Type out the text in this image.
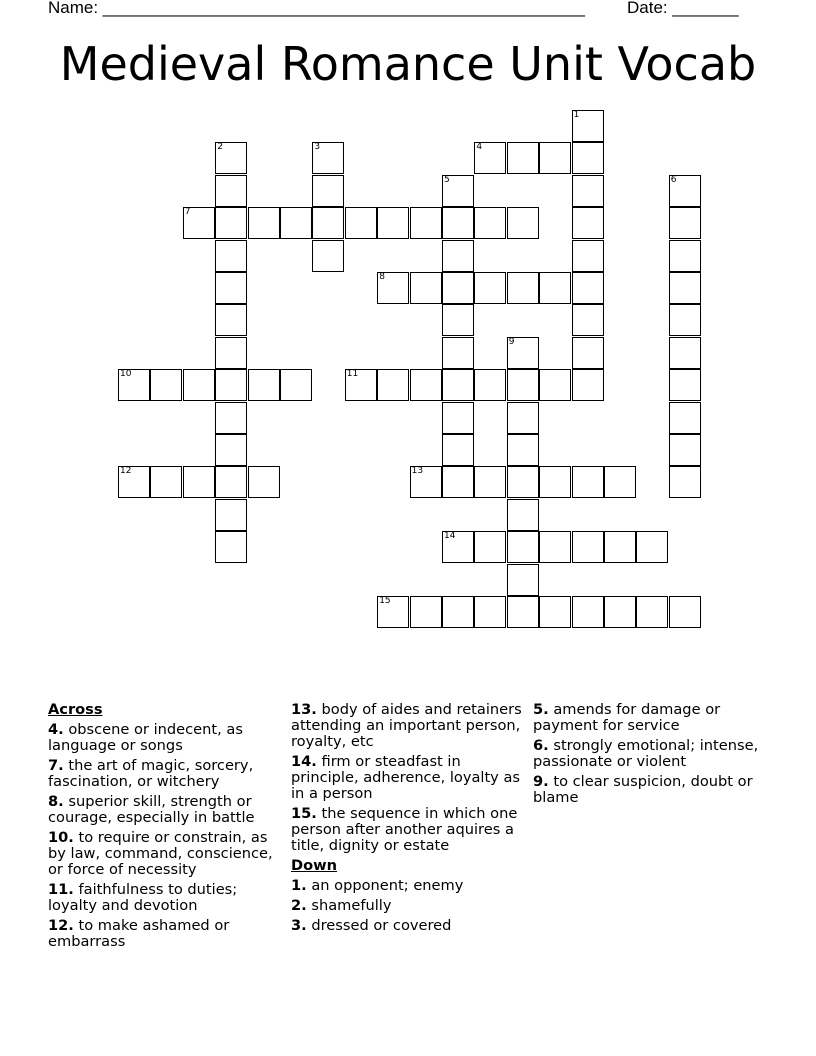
Name: ___________________________________________________ Date: _______
Medieval Romance Unit Vocab
1
2	3	4
5	6
7
8
9
10	11
12	13
14
15
Across
4. obscene or indecent, as language or songs
7. the art of magic, sorcery, fascination, or witchery
8. superior skill, strength or courage, especially in battle
10. to require or constrain, as by law, command, conscience, or force of necessity
11. faithfulness to duties; loyalty and devotion
12. to make ashamed or embarrass
13. body of aides and retainers attending an important person, royalty, etc
14. firm or steadfast in principle, adherence, loyalty as in a person
15. the sequence in which one person after another aquires a title, dignity or estate
Down
1. an opponent; enemy
2. shamefully
3. dressed or covered
5. amends for damage or payment for service
6. strongly emotional; intense, passionate or violent
9. to clear suspicion, doubt or blame
